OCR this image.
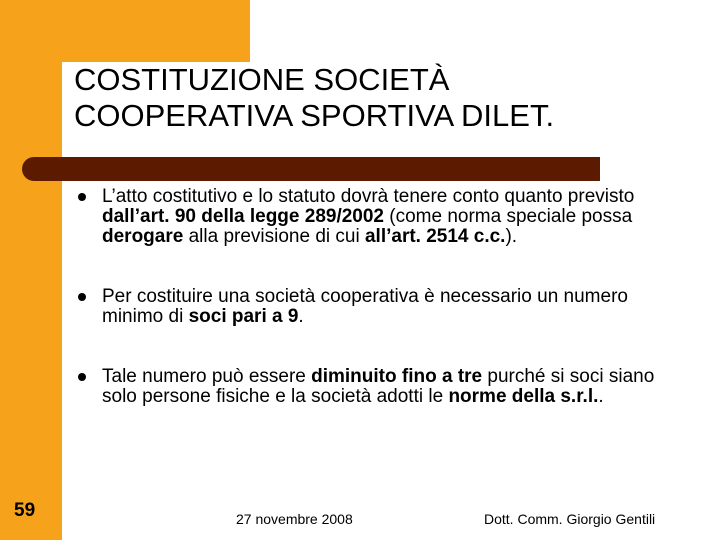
COSTITUZIONE SOCIETÀ
COOPERATIVA SPORTIVA DILET.
L’atto costitutivo e lo statuto dovrà tenere conto quanto previsto dall’art. 90 della legge 289/2002 (come norma speciale possa derogare alla previsione di cui all’art. 2514 c.c.).
Per costituire una società cooperativa è necessario un numero minimo di soci pari a 9.
Tale numero può essere diminuito fino a tre purché si soci siano solo persone fisiche e la società adotti le norme della s.r.l..
59	27 novembre 2008	Dott. Comm. Giorgio Gentili
